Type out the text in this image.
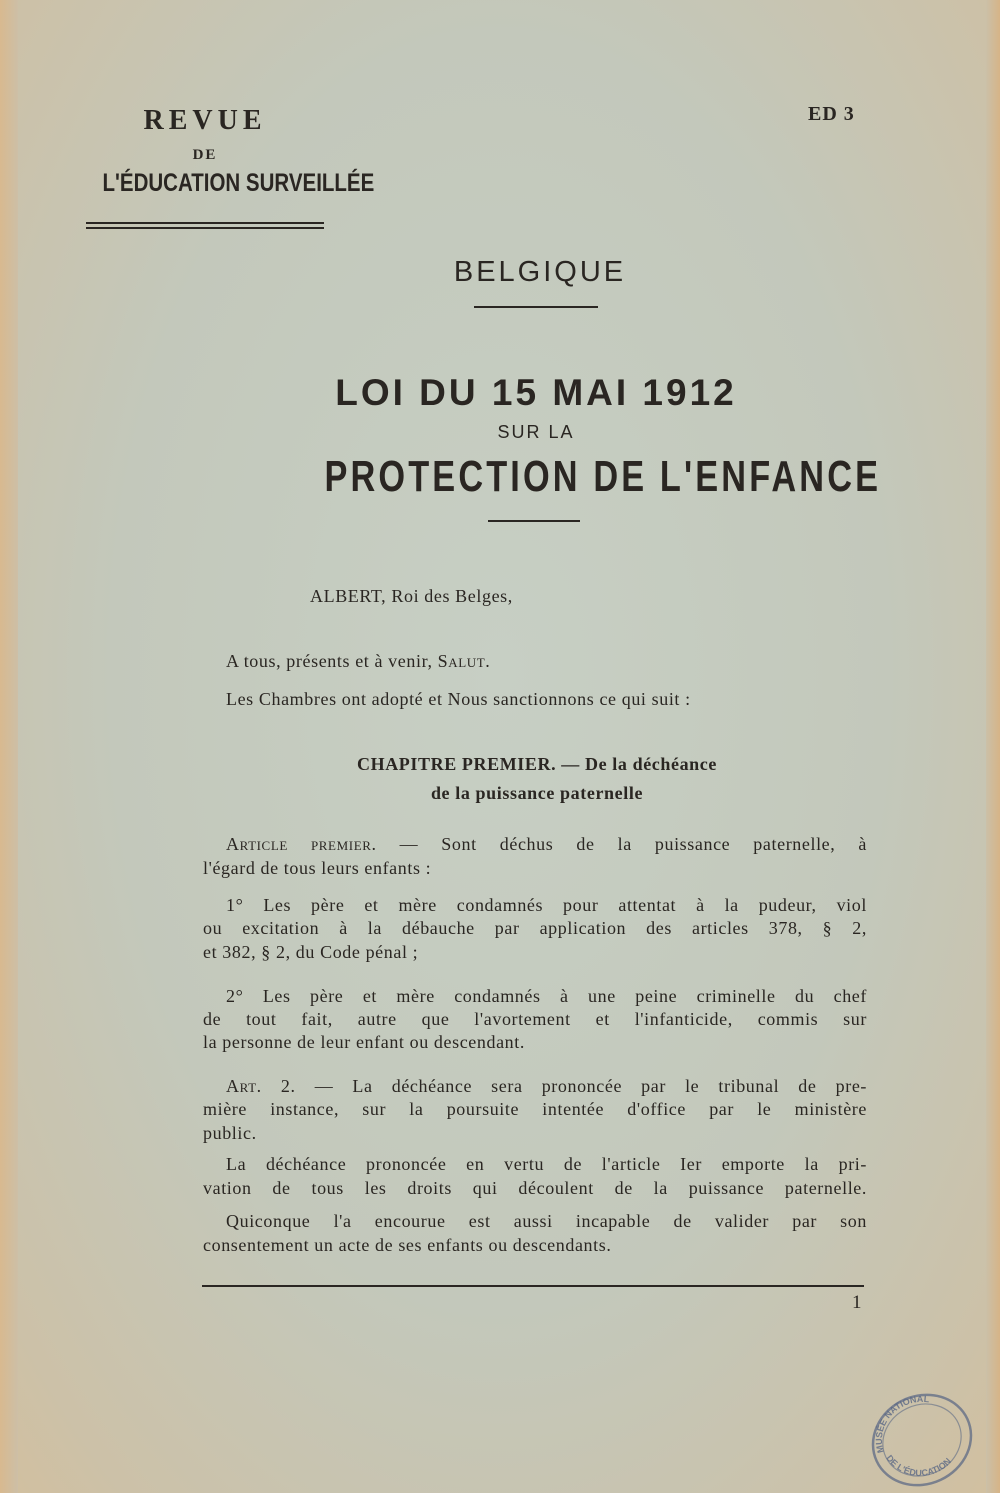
REVUE
DE
L'ÉDUCATION SURVEILLÉE
ED 3
BELGIQUE
LOI DU 15 MAI 1912
SUR LA
PROTECTION DE L'ENFANCE
ALBERT, Roi des Belges,
A tous, présents et à venir, Salut.
Les Chambres ont adopté et Nous sanctionnons ce qui suit :
CHAPITRE PREMIER. — De la déchéance
de la puissance paternelle
Article premier. — Sont déchus de la puissance paternelle, à
l'égard de tous leurs enfants :
1° Les père et mère condamnés pour attentat à la pudeur, viol
ou excitation à la débauche par application des articles 378, § 2,
et 382, § 2, du Code pénal ;
2° Les père et mère condamnés à une peine criminelle du chef
de tout fait, autre que l'avortement et l'infanticide, commis sur
la personne de leur enfant ou descendant.
Art. 2. — La déchéance sera prononcée par le tribunal de pre-
mière instance, sur la poursuite intentée d'office par le ministère
public.
La déchéance prononcée en vertu de l'article Ier emporte la pri-
vation de tous les droits qui découlent de la puissance paternelle.
Quiconque l'a encourue est aussi incapable de valider par son
consentement un acte de ses enfants ou descendants.
1
MUSÉE NATIONAL
DE L'ÉDUCATION
